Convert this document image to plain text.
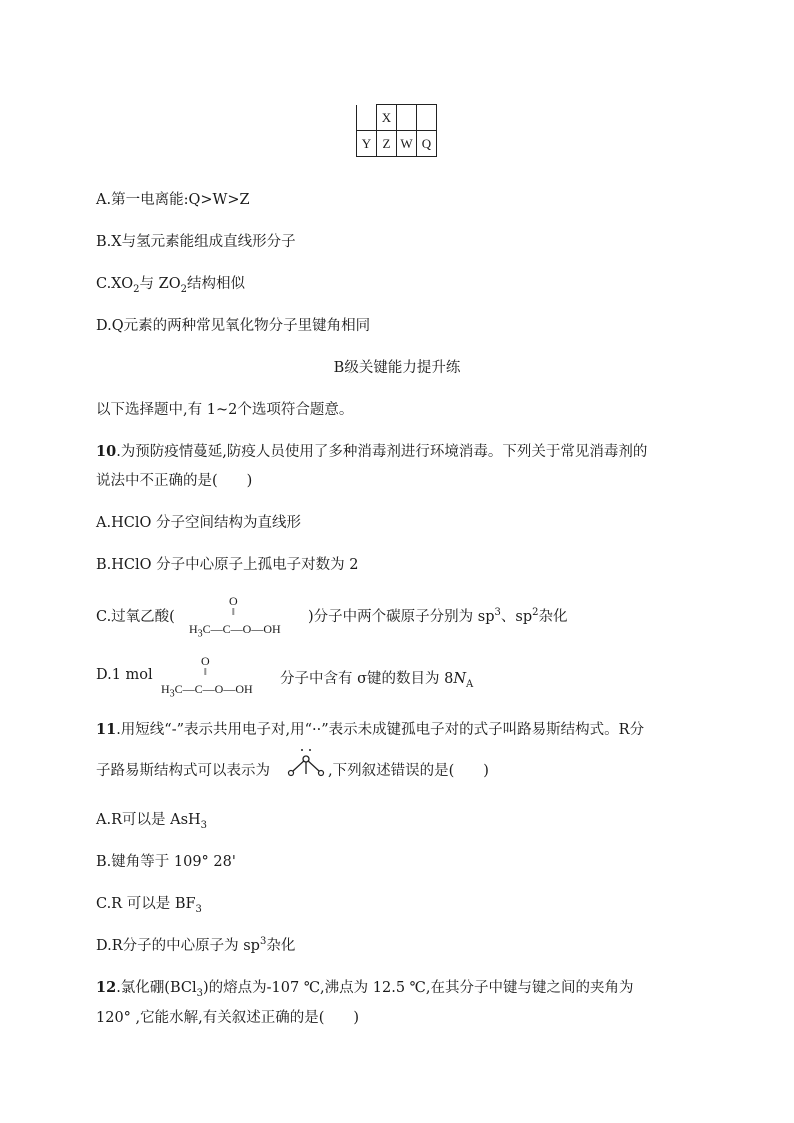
	X		
Y	Z	W	Q
A.第一电离能:Q>W>Z
B.X与氢元素能组成直线形分子
$C.XO_2$与 $ZO_2$结构相似
D.Q元素的两种常见氧化物分子里键角相同
B级关键能力提升练
以下选择题中,有 1~2个选项符合题意。
10.为预防疫情蔓延,防疫人员使用了多种消毒剂进行环境消毒。下列关于常见消毒剂的
说法中不正确的是(　　)
A.HClO 分子空间结构为直线形
B.HClO 分子中心原子上孤电子对数为 2
C.过氧乙酸(
O
‖
$H_3C—C—O—OH$
)分子中两个碳原子分别为 $sp^3$、$sp^2$杂化
D.1 mol
O
‖
$H_3C—C—O—OH$
分子中含有 σ键的数目为 $8N_A$
11.用短线“-”表示共用电子对,用“··”表示未成键孤电子对的式子叫路易斯结构式。R分
子路易斯结构式可以表示为	,下列叙述错误的是(　　)
A.R可以是 AsH$_3$
B.键角等于 109° 28'
C.R 可以是 $BF_3$
D.R分子的中心原子为 $sp^3$杂化
12.氯化硼(BCl$_3$)的熔点为-107 ℃,沸点为 12.5 ℃,在其分子中键与键之间的夹角为
120° ,它能水解,有关叙述正确的是(　　)
